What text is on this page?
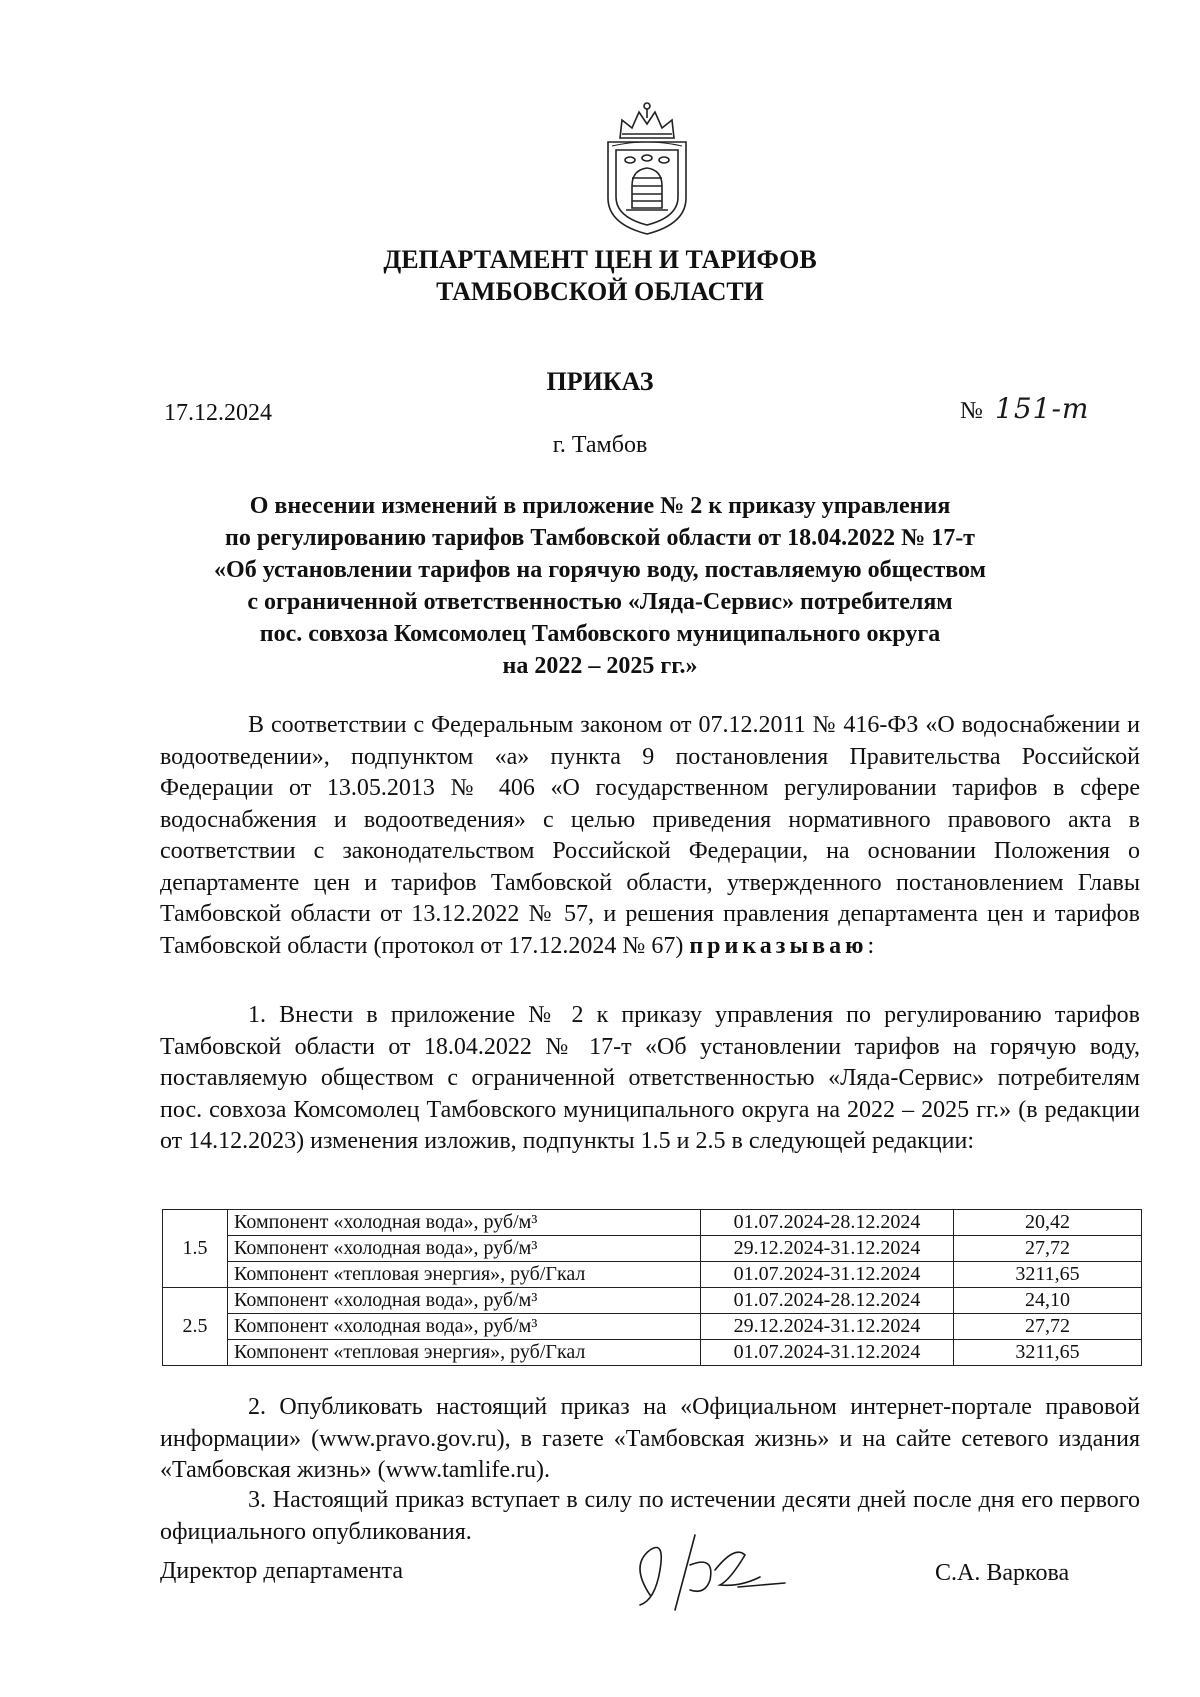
ДЕПАРТАМЕНТ ЦЕН И ТАРИФОВ
ТАМБОВСКОЙ ОБЛАСТИ
ПРИКАЗ
17.12.2024	№ 151-т
г. Тамбов
О внесении изменений в приложение № 2 к приказу управления
по регулированию тарифов Тамбовской области от 18.04.2022 № 17-т
«Об установлении тарифов на горячую воду, поставляемую обществом
с ограниченной ответственностью «Ляда-Сервис» потребителям
пос. совхоза Комсомолец Тамбовского муниципального округа
на 2022 – 2025 гг.»

В соответствии с Федеральным законом от 07.12.2011 № 416-ФЗ «О водоснабжении и водоотведении», подпунктом «а» пункта 9 постановления Правительства Российской Федерации от 13.05.2013 № 406 «О государственном регулировании тарифов в сфере водоснабжения и водоотведения» с целью приведения нормативного правового акта в соответствии с законодательством Российской Федерации, на основании Положения о департаменте цен и тарифов Тамбовской области, утвержденного постановлением Главы Тамбовской области от 13.12.2022 № 57, и решения правления департамента цен и тарифов Тамбовской области (протокол от 17.12.2024 № 67) приказываю:

1. Внести в приложение № 2 к приказу управления по регулированию тарифов Тамбовской области от 18.04.2022 № 17-т «Об установлении тарифов на горячую воду, поставляемую обществом с ограниченной ответственностью «Ляда-Сервис» потребителям пос. совхоза Комсомолец Тамбовского муниципального округа на 2022 – 2025 гг.» (в редакции от 14.12.2023) изменения изложив, подпункты 1.5 и 2.5 в следующей редакции:

1.5	Компонент «холодная вода», руб/м³	01.07.2024-28.12.2024	20,42
	Компонент «холодная вода», руб/м³	29.12.2024-31.12.2024	27,72
	Компонент «тепловая энергия», руб/Гкал	01.07.2024-31.12.2024	3211,65
2.5	Компонент «холодная вода», руб/м³	01.07.2024-28.12.2024	24,10
	Компонент «холодная вода», руб/м³	29.12.2024-31.12.2024	27,72
	Компонент «тепловая энергия», руб/Гкал	01.07.2024-31.12.2024	3211,65

2. Опубликовать настоящий приказ на «Официальном интернет-портале правовой информации» (www.pravo.gov.ru), в газете «Тамбовская жизнь» и на сайте сетевого издания «Тамбовская жизнь» (www.tamlife.ru).

3. Настоящий приказ вступает в силу по истечении десяти дней после дня его первого официального опубликования.

Директор департамента	С.А. Варкова
